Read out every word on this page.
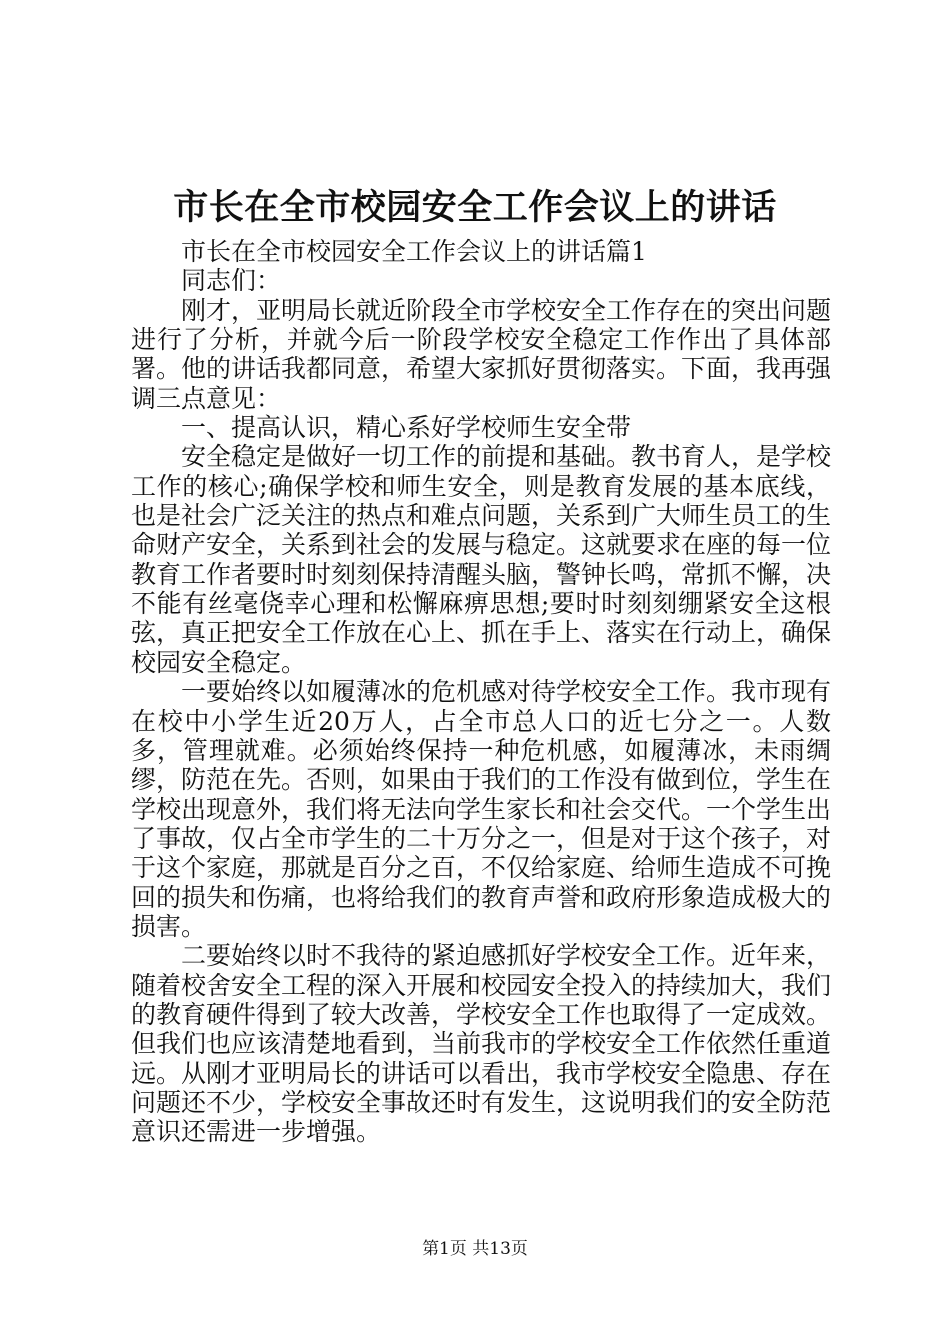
市长在全市校园安全工作会议上的讲话

市长在全市校园安全工作会议上的讲话篇1

同志们：

刚才，亚明局长就近阶段全市学校安全工作存在的突出问题进行了分析，并就今后一阶段学校安全稳定工作作出了具体部署。他的讲话我都同意，希望大家抓好贯彻落实。下面，我再强调三点意见：

一、提高认识，精心系好学校师生安全带

安全稳定是做好一切工作的前提和基础。教书育人，是学校工作的核心;确保学校和师生安全，则是教育发展的基本底线，也是社会广泛关注的热点和难点问题，关系到广大师生员工的生命财产安全，关系到社会的发展与稳定。这就要求在座的每一位教育工作者要时时刻刻保持清醒头脑，警钟长鸣，常抓不懈，决不能有丝毫侥幸心理和松懈麻痹思想;要时时刻刻绷紧安全这根弦，真正把安全工作放在心上、抓在手上、落实在行动上，确保校园安全稳定。

一要始终以如履薄冰的危机感对待学校安全工作。我市现有在校中小学生近20万人，占全市总人口的近七分之一。人数多，管理就难。必须始终保持一种危机感，如履薄冰，未雨绸缪，防范在先。否则，如果由于我们的工作没有做到位，学生在学校出现意外，我们将无法向学生家长和社会交代。一个学生出了事故，仅占全市学生的二十万分之一，但是对于这个孩子，对于这个家庭，那就是百分之百，不仅给家庭、给师生造成不可挽回的损失和伤痛，也将给我们的教育声誉和政府形象造成极大的损害。

二要始终以时不我待的紧迫感抓好学校安全工作。近年来，随着校舍安全工程的深入开展和校园安全投入的持续加大，我们的教育硬件得到了较大改善，学校安全工作也取得了一定成效。但我们也应该清楚地看到，当前我市的学校安全工作依然任重道远。从刚才亚明局长的讲话可以看出，我市学校安全隐患、存在问题还不少，学校安全事故还时有发生，这说明我们的安全防范意识还需进一步增强。

第1页 共13页
